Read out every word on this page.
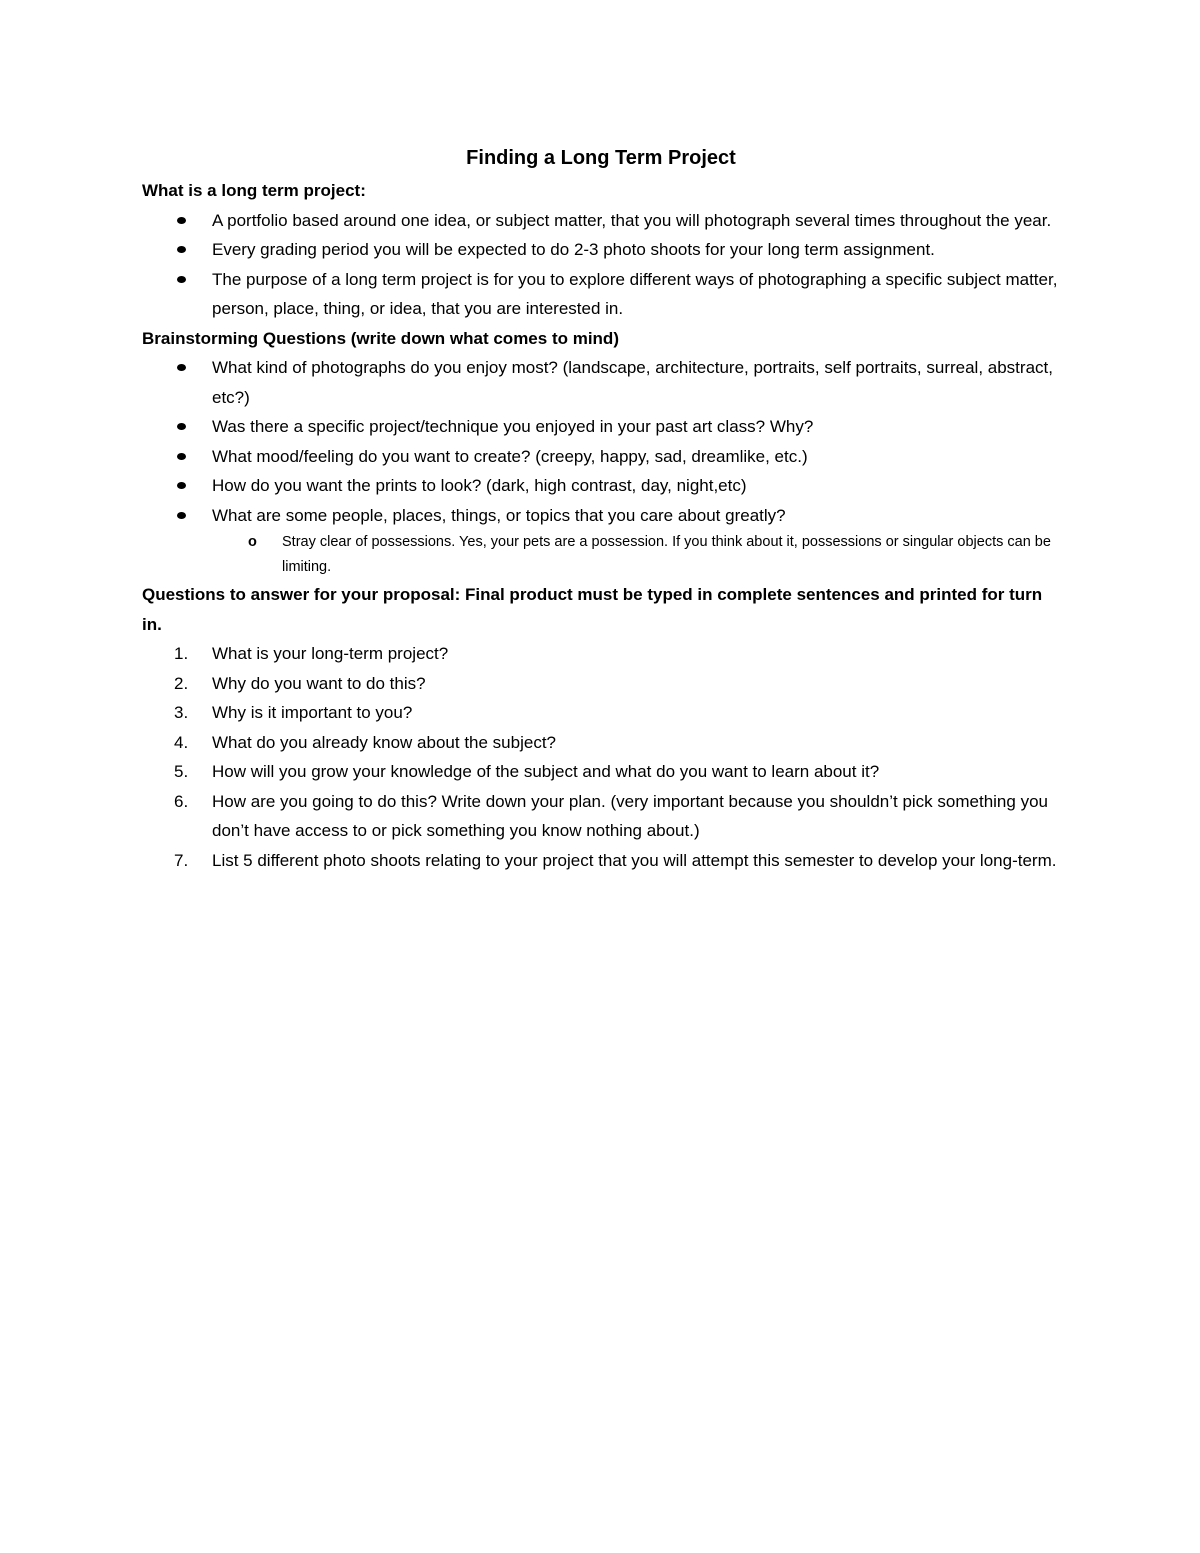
Finding a Long Term Project

What is a long term project:

A portfolio based around one idea, or subject matter, that you will photograph several times throughout the year.
Every grading period you will be expected to do 2-3 photo shoots for your long term assignment.
The purpose of a long term project is for you to explore different ways of photographing a specific subject matter, person, place, thing, or idea, that you are interested in.

Brainstorming Questions (write down what comes to mind)

What kind of photographs do you enjoy most? (landscape, architecture, portraits, self portraits, surreal, abstract, etc?)
Was there a specific project/technique you enjoyed in your past art class? Why?
What mood/feeling do you want to create? (creepy, happy, sad, dreamlike, etc.)
How do you want the prints to look? (dark, high contrast, day, night,etc)
What are some people, places, things, or topics that you care about greatly?
o Stray clear of possessions. Yes, your pets are a possession. If you think about it, possessions or singular objects can be limiting.

Questions to answer for your proposal: Final product must be typed in complete sentences and printed for turn in.

1. What is your long-term project?
2. Why do you want to do this?
3. Why is it important to you?
4. What do you already know about the subject?
5. How will you grow your knowledge of the subject and what do you want to learn about it?
6. How are you going to do this? Write down your plan. (very important because you shouldn’t pick something you don’t have access to or pick something you know nothing about.)
7. List 5 different photo shoots relating to your project that you will attempt this semester to develop your long-term.
